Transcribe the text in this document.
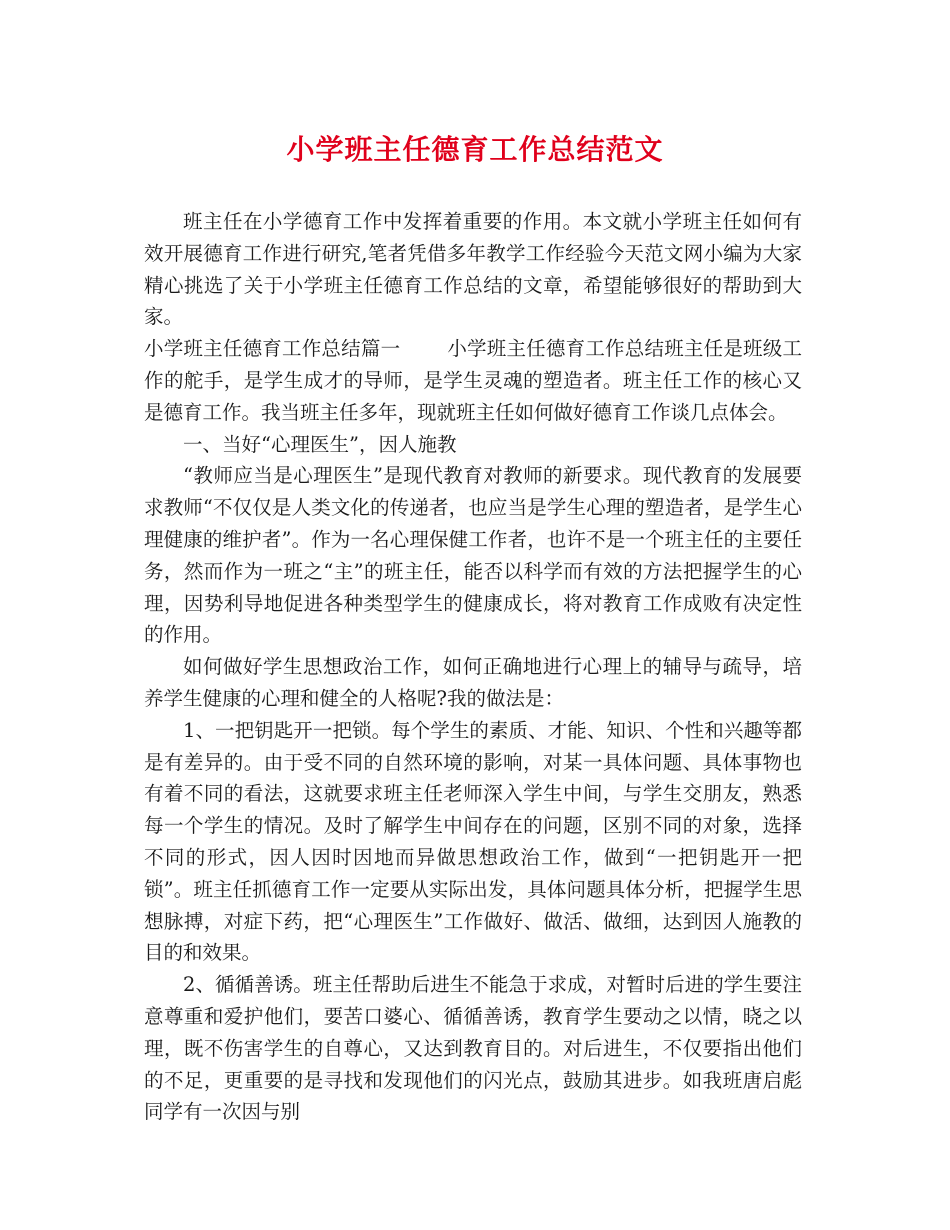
小学班主任德育工作总结范文

班主任在小学德育工作中发挥着重要的作用。本文就小学班主任如何有效开展德育工作进行研究,笔者凭借多年教学工作经验今天范文网小编为大家精心挑选了关于小学班主任德育工作总结的文章，希望能够很好的帮助到大家。

小学班主任德育工作总结篇一 小学班主任德育工作总结班主任是班级工作的舵手，是学生成才的导师，是学生灵魂的塑造者。班主任工作的核心又是德育工作。我当班主任多年，现就班主任如何做好德育工作谈几点体会。

一、当好“心理医生”，因人施教

“教师应当是心理医生”是现代教育对教师的新要求。现代教育的发展要求教师“不仅仅是人类文化的传递者，也应当是学生心理的塑造者，是学生心理健康的维护者”。作为一名心理保健工作者，也许不是一个班主任的主要任务，然而作为一班之“主”的班主任，能否以科学而有效的方法把握学生的心理，因势利导地促进各种类型学生的健康成长，将对教育工作成败有决定性的作用。

如何做好学生思想政治工作，如何正确地进行心理上的辅导与疏导，培养学生健康的心理和健全的人格呢?我的做法是：

1、一把钥匙开一把锁。每个学生的素质、才能、知识、个性和兴趣等都是有差异的。由于受不同的自然环境的影响，对某一具体问题、具体事物也有着不同的看法，这就要求班主任老师深入学生中间，与学生交朋友，熟悉每一个学生的情况。及时了解学生中间存在的问题，区别不同的对象，选择不同的形式，因人因时因地而异做思想政治工作，做到“一把钥匙开一把锁”。班主任抓德育工作一定要从实际出发，具体问题具体分析，把握学生思想脉搏，对症下药，把“心理医生”工作做好、做活、做细，达到因人施教的目的和效果。

2、循循善诱。班主任帮助后进生不能急于求成，对暂时后进的学生要注意尊重和爱护他们，要苦口婆心、循循善诱，教育学生要动之以情，晓之以理，既不伤害学生的自尊心，又达到教育目的。对后进生，不仅要指出他们的不足，更重要的是寻找和发现他们的闪光点，鼓励其进步。如我班唐启彪同学有一次因与别
